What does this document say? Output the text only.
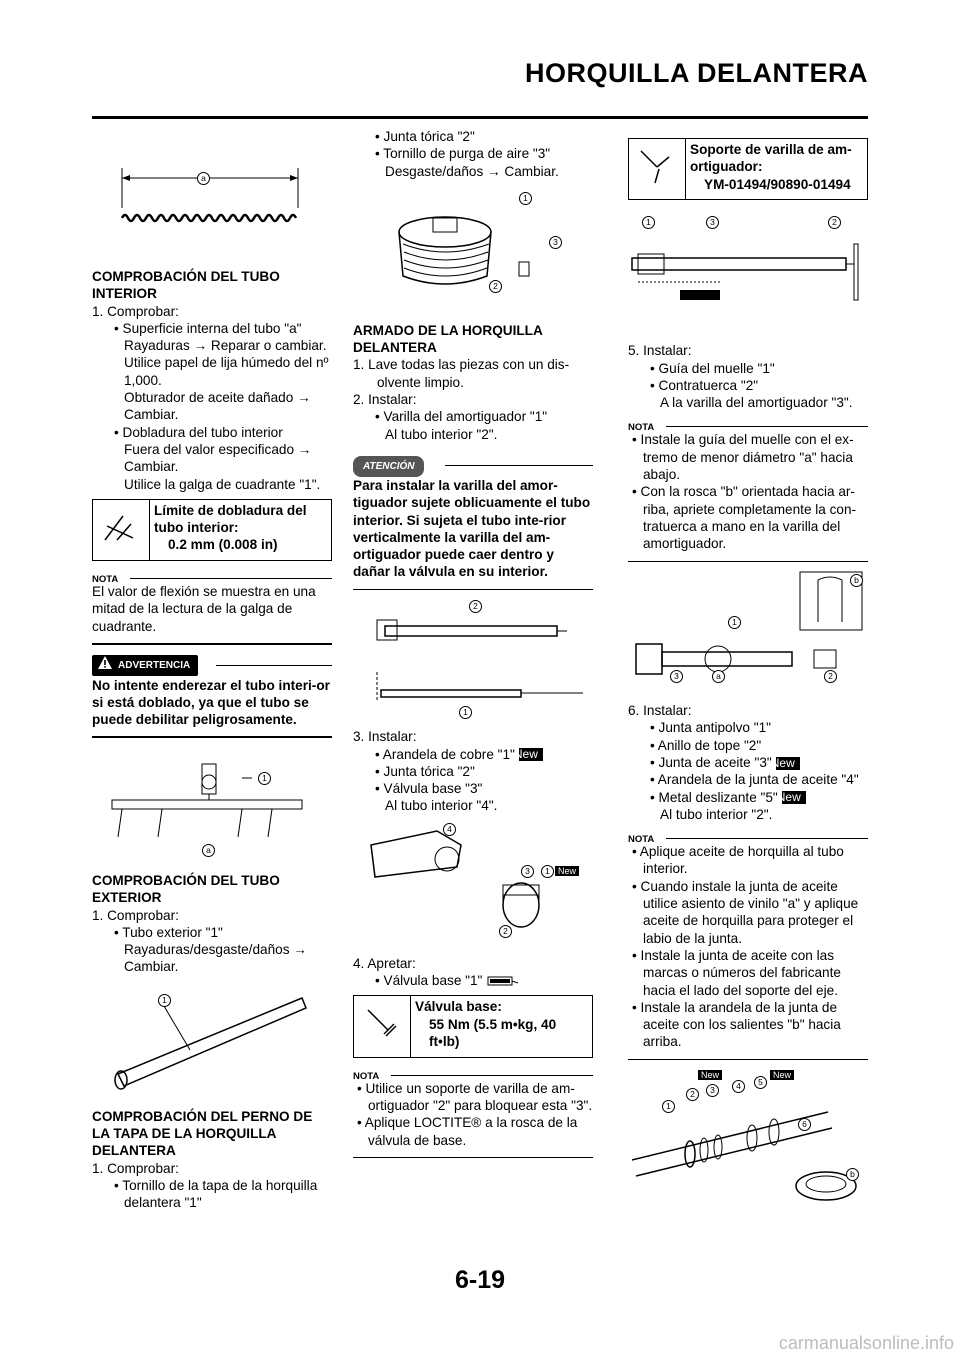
HORQUILLA DELANTERA
a
COMPROBACIÓN DEL TUBO INTERIOR
1. Comprobar:
• Superficie interna del tubo "a"
Rayaduras → Reparar o cambiar.
Utilice papel de lija húmedo del nº 1,000.
Obturador de aceite dañado → Cambiar.
• Dobladura del tubo interior
Fuera del valor especificado → Cambiar.
Utilice la galga de cuadrante "1".
Límite de dobladura del tubo interior:
0.2 mm (0.008 in)
NOTA
El valor de flexión se muestra en una mitad de la lectura de la galga de cuadrante.
ADVERTENCIA
No intente enderezar el tubo interi-or si está doblado, ya que el tubo se puede debilitar peligrosamente.
1
a
COMPROBACIÓN DEL TUBO EXTERIOR
1. Comprobar:
• Tubo exterior "1"
Rayaduras/desgaste/daños → Cambiar.
1
COMPROBACIÓN DEL PERNO DE LA TAPA DE LA HORQUILLA DELANTERA
1. Comprobar:
• Tornillo de la tapa de la horquilla delantera "1"
• Junta tórica "2"
• Tornillo de purga de aire "3"
Desgaste/daños → Cambiar.
1
3
2
ARMADO DE LA HORQUILLA DELANTERA
1. Lave todas las piezas con un dis-olvente limpio.
2. Instalar:
• Varilla del amortiguador "1"
Al tubo interior "2".
ATENCIÓN
Para instalar la varilla del amor-tiguador sujete oblicuamente el tubo interior. Si sujeta el tubo inte-rior verticalmente la varilla del am-ortiguador puede caer dentro y dañar la válvula en su interior.
2
1
3. Instalar:
• Arandela de cobre "1"New
• Junta tórica "2"
• Válvula base "3"
Al tubo interior "4".
4
3	1 New
2
4. Apretar:
• Válvula base "1"
Válvula base:
55 Nm (5.5 m•kg, 40 ft•lb)
NOTA
• Utilice un soporte de varilla de am-ortiguador "2" para bloquear esta "3".
• Aplique LOCTITE® a la rosca de la válvula de base.
Soporte de varilla de am-ortiguador:
YM-01494/90890-01494
1	3	2
5. Instalar:
• Guía del muelle "1"
• Contratuerca "2"
A la varilla del amortiguador "3".
NOTA
• Instale la guía del muelle con el ex-tremo de menor diámetro "a" hacia abajo.
• Con la rosca "b" orientada hacia ar-riba, apriete completamente la con-tratuerca a mano en la varilla del amortiguador.
b
1
3	a	2
6. Instalar:
• Junta antipolvo "1"
• Anillo de tope "2"
• Junta de aceite "3"New
• Arandela de la junta de aceite "4"
• Metal deslizante "5"New
Al tubo interior "2".
NOTA
• Aplique aceite de horquilla al tubo interior.
• Cuando instale la junta de aceite utilice asiento de vinilo "a" y aplique aceite de horquilla para proteger el labio de la junta.
• Instale la junta de aceite con las marcas o números del fabricante hacia el lado del soporte del eje.
• Instale la arandela de la junta de aceite con los salientes "b" hacia arriba.
New	New
1
2	3	4	5
6
b
6-19
carmanualsonline.info
